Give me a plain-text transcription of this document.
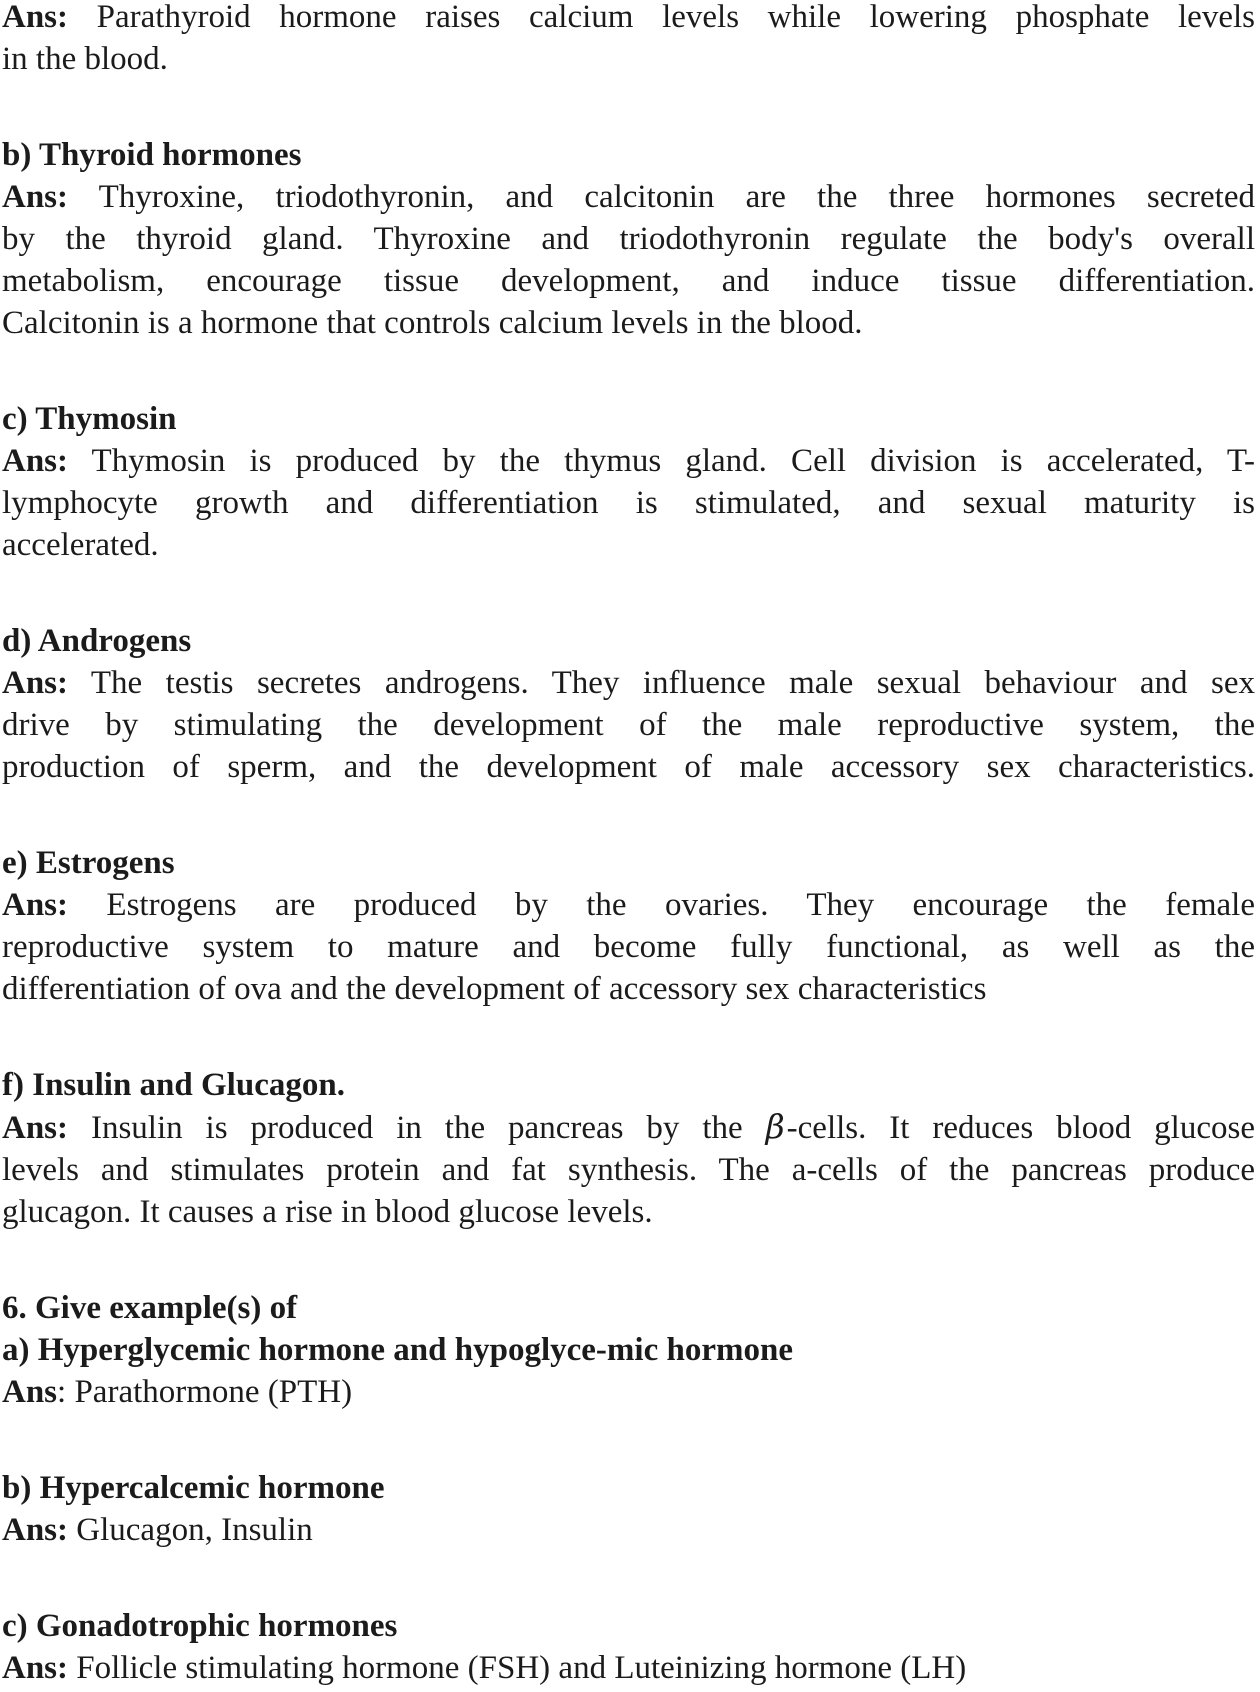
Ans: Parathyroid hormone raises calcium levels while lowering phosphate levels
in the blood.
b) Thyroid hormones
Ans: Thyroxine, triodothyronin, and calcitonin are the three hormones secreted
by the thyroid gland. Thyroxine and triodothyronin regulate the body's overall
metabolism, encourage tissue development, and induce tissue differentiation.
Calcitonin is a hormone that controls calcium levels in the blood.
c) Thymosin
Ans: Thymosin is produced by the thymus gland. Cell division is accelerated, T-
lymphocyte growth and differentiation is stimulated, and sexual maturity is
accelerated.
d) Androgens
Ans: The testis secretes androgens. They influence male sexual behaviour and sex
drive by stimulating the development of the male reproductive system, the
production of sperm, and the development of male accessory sex characteristics.
e) Estrogens
Ans: Estrogens are produced by the ovaries. They encourage the female
reproductive system to mature and become fully functional, as well as the
differentiation of ova and the development of accessory sex characteristics
f) Insulin and Glucagon.
Ans: Insulin is produced in the pancreas by the β-cells. It reduces blood glucose
levels and stimulates protein and fat synthesis. The a-cells of the pancreas produce
glucagon. It causes a rise in blood glucose levels.
6. Give example(s) of
a) Hyperglycemic hormone and hypoglyce-mic hormone
Ans: Parathormone (PTH)
b) Hypercalcemic hormone
Ans: Glucagon, Insulin
c) Gonadotrophic hormones
Ans: Follicle stimulating hormone (FSH) and Luteinizing hormone (LH)
